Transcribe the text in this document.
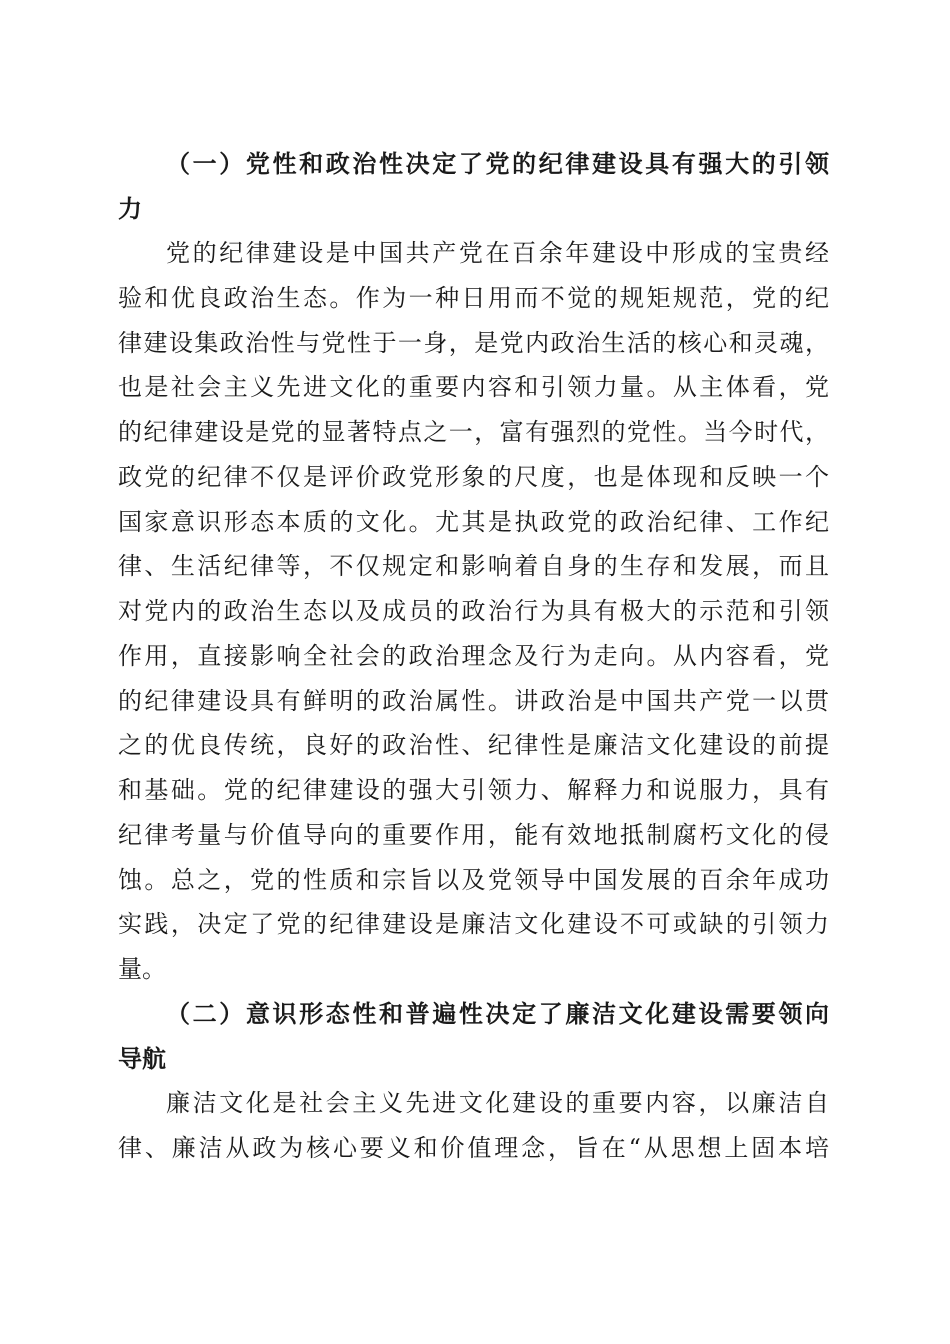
（一）党性和政治性决定了党的纪律建设具有强大的引领

力

党的纪律建设是中国共产党在百余年建设中形成的宝贵经

验和优良政治生态。作为一种日用而不觉的规矩规范，党的纪

律建设集政治性与党性于一身，是党内政治生活的核心和灵魂，

也是社会主义先进文化的重要内容和引领力量。从主体看，党

的纪律建设是党的显著特点之一，富有强烈的党性。当今时代，

政党的纪律不仅是评价政党形象的尺度，也是体现和反映一个

国家意识形态本质的文化。尤其是执政党的政治纪律、工作纪

律、生活纪律等，不仅规定和影响着自身的生存和发展，而且

对党内的政治生态以及成员的政治行为具有极大的示范和引领

作用，直接影响全社会的政治理念及行为走向。从内容看，党

的纪律建设具有鲜明的政治属性。讲政治是中国共产党一以贯

之的优良传统，良好的政治性、纪律性是廉洁文化建设的前提

和基础。党的纪律建设的强大引领力、解释力和说服力，具有

纪律考量与价值导向的重要作用，能有效地抵制腐朽文化的侵

蚀。总之，党的性质和宗旨以及党领导中国发展的百余年成功

实践，决定了党的纪律建设是廉洁文化建设不可或缺的引领力

量。

（二）意识形态性和普遍性决定了廉洁文化建设需要领向

导航

廉洁文化是社会主义先进文化建设的重要内容，以廉洁自

律、廉洁从政为核心要义和价值理念，旨在“从思想上固本培
